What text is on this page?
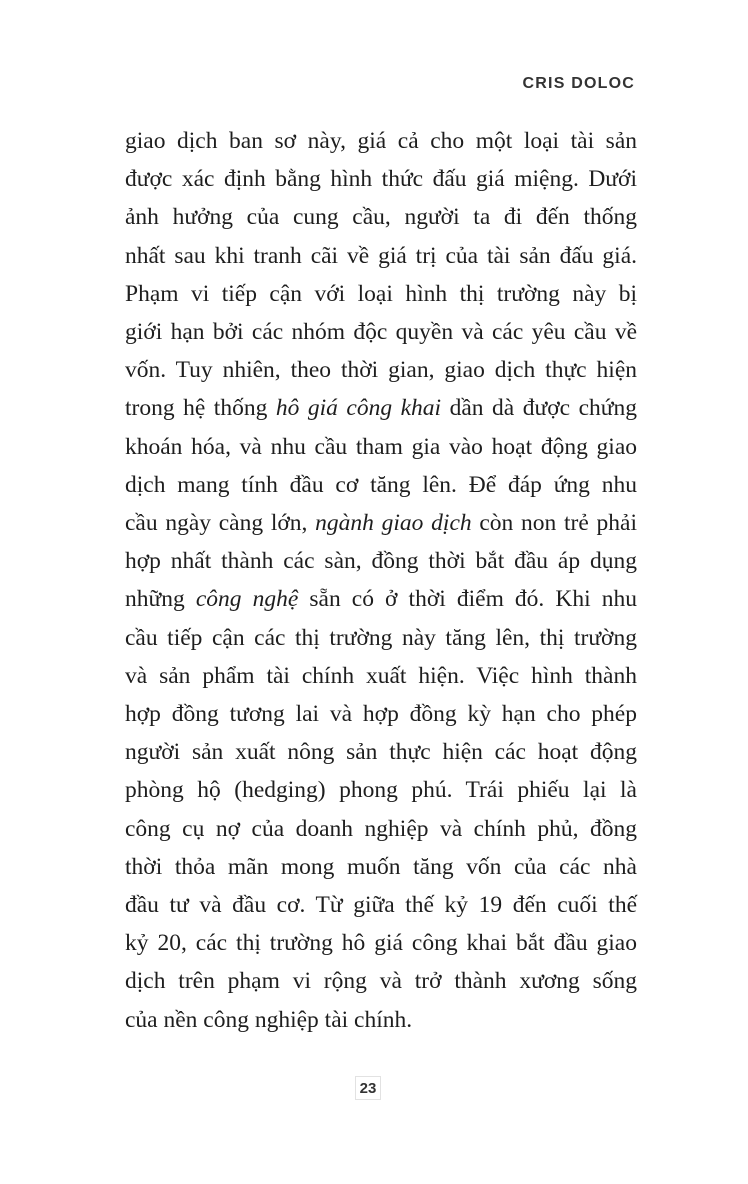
CRIS DOLOC
giao dịch ban sơ này, giá cả cho một loại tài sản
được xác định bằng hình thức đấu giá miệng. Dưới
ảnh hưởng của cung cầu, người ta đi đến thống
nhất sau khi tranh cãi về giá trị của tài sản đấu giá.
Phạm vi tiếp cận với loại hình thị trường này bị
giới hạn bởi các nhóm độc quyền và các yêu cầu về
vốn. Tuy nhiên, theo thời gian, giao dịch thực hiện
trong hệ thống hô giá công khai dần dà được chứng
khoán hóa, và nhu cầu tham gia vào hoạt động giao
dịch mang tính đầu cơ tăng lên. Để đáp ứng nhu
cầu ngày càng lớn, ngành giao dịch còn non trẻ phải
hợp nhất thành các sàn, đồng thời bắt đầu áp dụng
những công nghệ sẵn có ở thời điểm đó. Khi nhu
cầu tiếp cận các thị trường này tăng lên, thị trường
và sản phẩm tài chính xuất hiện. Việc hình thành
hợp đồng tương lai và hợp đồng kỳ hạn cho phép
người sản xuất nông sản thực hiện các hoạt động
phòng hộ (hedging) phong phú. Trái phiếu lại là
công cụ nợ của doanh nghiệp và chính phủ, đồng
thời thỏa mãn mong muốn tăng vốn của các nhà
đầu tư và đầu cơ. Từ giữa thế kỷ 19 đến cuối thế
kỷ 20, các thị trường hô giá công khai bắt đầu giao
dịch trên phạm vi rộng và trở thành xương sống
của nền công nghiệp tài chính.
23
